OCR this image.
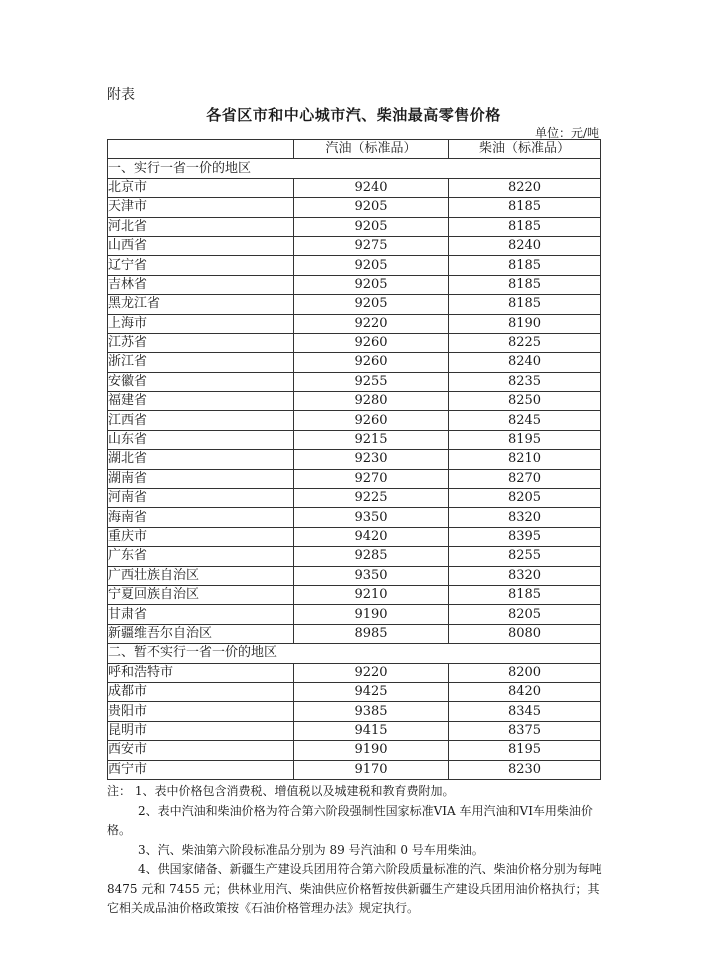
附表
各省区市和中心城市汽、柴油最高零售价格
单位：元/吨
	汽油（标准品）	柴油（标准品）
一、实行一省一价的地区		
北京市	9240	8220
天津市	9205	8185
河北省	9205	8185
山西省	9275	8240
辽宁省	9205	8185
吉林省	9205	8185
黑龙江省	9205	8185
上海市	9220	8190
江苏省	9260	8225
浙江省	9260	8240
安徽省	9255	8235
福建省	9280	8250
江西省	9260	8245
山东省	9215	8195
湖北省	9230	8210
湖南省	9270	8270
河南省	9225	8205
海南省	9350	8320
重庆市	9420	8395
广东省	9285	8255
广西壮族自治区	9350	8320
宁夏回族自治区	9210	8185
甘肃省	9190	8205
新疆维吾尔自治区	8985	8080
二、暂不实行一省一价的地区		
呼和浩特市	9220	8200
成都市	9425	8420
贵阳市	9385	8345
昆明市	9415	8375
西安市	9190	8195
西宁市	9170	8230

注： 1、表中价格包含消费税、增值税以及城建税和教育费附加。

2、表中汽油和柴油价格为符合第六阶段强制性国家标准VIA 车用汽油和VI车用柴油价格。

3、汽、柴油第六阶段标准品分别为 89 号汽油和 0 号车用柴油。

4、供国家储备、新疆生产建设兵团用符合第六阶段质量标准的汽、柴油价格分别为每吨 8475 元和 7455 元；供林业用汽、柴油供应价格暂按供新疆生产建设兵团用油价格执行；其它相关成品油价格政策按《石油价格管理办法》规定执行。
